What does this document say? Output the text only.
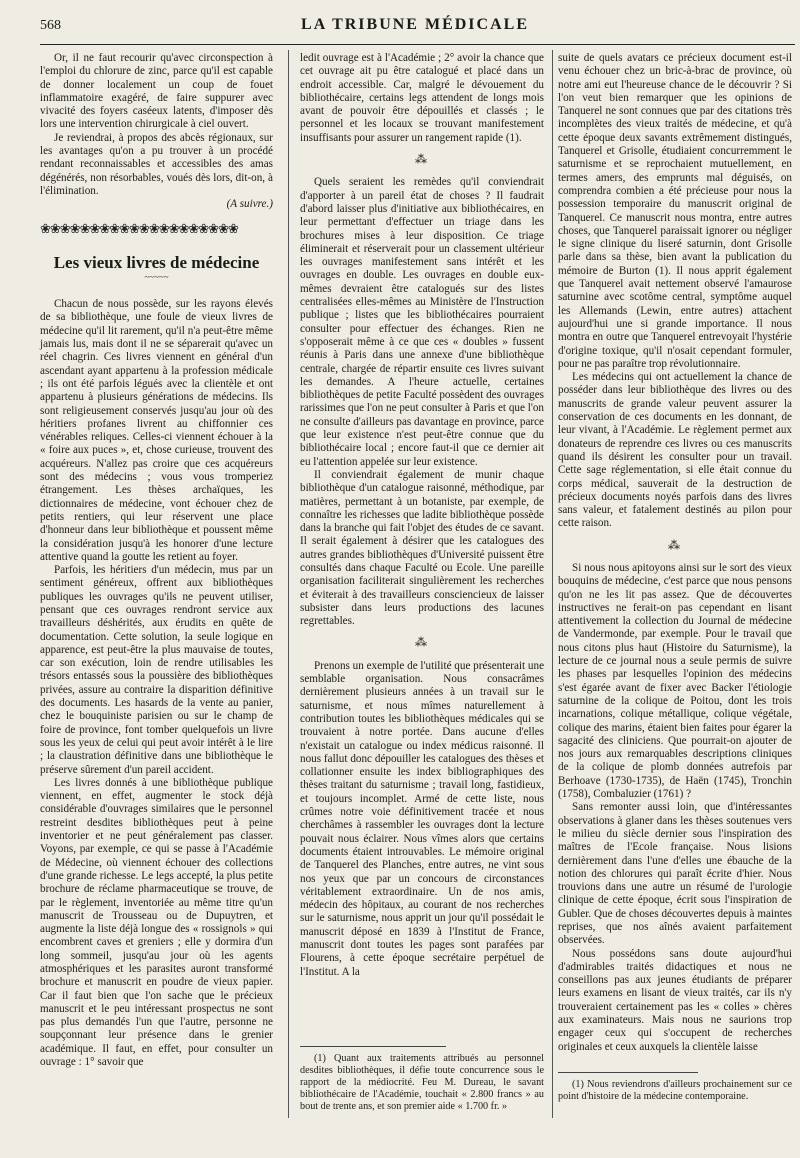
568	LA TRIBUNE MÉDICALE

Or, il ne faut recourir qu'avec circonspection à l'emploi du chlorure de zinc, parce qu'il est capable de donner localement un coup de fouet inflammatoire exagéré, de faire suppurer avec vivacité des foyers caséeux latents, d'imposer dès lors une intervention chirurgicale à ciel ouvert.

Je reviendrai, à propos des abcès régionaux, sur les avantages qu'on a pu trouver à un procédé rendant reconnaissables et accessibles des amas dégénérés, non résorbables, voués dès lors, dit-on, à l'élimination.

(A suivre.)

❀❀❀❀❀❀❀❀❀❀❀❀❀❀❀❀❀❀❀❀

Les vieux livres de médecine

~~~~~

Chacun de nous possède, sur les rayons élevés de sa bibliothèque, une foule de vieux livres de médecine qu'il lit rarement, qu'il n'a peut-être même jamais lus, mais dont il ne se séparerait qu'avec un réel chagrin. Ces livres viennent en général d'un ascendant ayant appartenu à la profession médicale ; ils ont été parfois légués avec la clientèle et ont appartenu à plusieurs générations de médecins. Ils sont religieusement conservés jusqu'au jour où des héritiers profanes livrent au chiffonnier ces vénérables reliques. Celles-ci viennent échouer à la « foire aux puces », et, chose curieuse, trouvent des acquéreurs. N'allez pas croire que ces acquéreurs sont des médecins ; vous vous tromperiez étrangement. Les thèses archaïques, les dictionnaires de médecine, vont échouer chez de petits rentiers, qui leur réservent une place d'honneur dans leur bibliothèque et poussent même la considération jusqu'à les honorer d'une lecture attentive quand la goutte les retient au foyer.

Parfois, les héritiers d'un médecin, mus par un sentiment généreux, offrent aux bibliothèques publiques les ouvrages qu'ils ne peuvent utiliser, pensant que ces ouvrages rendront service aux travailleurs déshérités, aux érudits en quête de documentation. Cette solution, la seule logique en apparence, est peut-être la plus mauvaise de toutes, car son exécution, loin de rendre utilisables les trésors entassés sous la poussière des bibliothèques privées, assure au contraire la disparition définitive des documents. Les hasards de la vente au panier, chez le bouquiniste parisien ou sur le champ de foire de province, font tomber quelquefois un livre sous les yeux de celui qui peut avoir intérêt à le lire ; la claustration définitive dans une bibliothèque le préserve sûrement d'un pareil accident.

Les livres donnés à une bibliothèque publique viennent, en effet, augmenter le stock déjà considérable d'ouvrages similaires que le personnel restreint desdites bibliothèques peut à peine inventorier et ne peut généralement pas classer. Voyons, par exemple, ce qui se passe à l'Académie de Médecine, où viennent échouer des collections d'une grande richesse. Le legs accepté, la plus petite brochure de réclame pharmaceutique se trouve, de par le règlement, inventoriée au même titre qu'un manuscrit de Trousseau ou de Dupuytren, et augmente la liste déjà longue des « rossignols » qui encombrent caves et greniers ; elle y dormira d'un long sommeil, jusqu'au jour où les agents atmosphériques et les parasites auront transformé brochure et manuscrit en poudre de vieux papier. Car il faut bien que l'on sache que le précieux manuscrit et le peu intéressant prospectus ne sont pas plus demandés l'un que l'autre, personne ne soupçonnant leur présence dans le grenier académique. Il faut, en effet, pour consulter un ouvrage : 1° savoir que

ledit ouvrage est à l'Académie ; 2° avoir la chance que cet ouvrage ait pu être catalogué et placé dans un endroit accessible. Car, malgré le dévouement du bibliothécaire, certains legs attendent de longs mois avant de pouvoir être dépouillés et classés ; le personnel et les locaux se trouvant manifestement insuffisants pour assurer un rangement rapide (1).

⁂

Quels seraient les remèdes qu'il conviendrait d'apporter à un pareil état de choses ? Il faudrait d'abord laisser plus d'initiative aux bibliothécaires, en leur permettant d'effectuer un triage dans les brochures mises à leur disposition. Ce triage éliminerait et réserverait pour un classement ultérieur les ouvrages manifestement sans intérêt et les ouvrages en double. Les ouvrages en double eux-mêmes devraient être catalogués sur des listes centralisées elles-mêmes au Ministère de l'Instruction publique ; listes que les bibliothécaires pourraient consulter pour effectuer des échanges. Rien ne s'opposerait même à ce que ces « doubles » fussent réunis à Paris dans une annexe d'une bibliothèque centrale, chargée de répartir ensuite ces livres suivant les demandes. A l'heure actuelle, certaines bibliothèques de petite Faculté possèdent des ouvrages rarissimes que l'on ne peut consulter à Paris et que l'on ne consulte d'ailleurs pas davantage en province, parce que leur existence n'est peut-être connue que du bibliothécaire local ; encore faut-il que ce dernier ait eu l'attention appelée sur leur existence.

Il conviendrait également de munir chaque bibliothèque d'un catalogue raisonné, méthodique, par matières, permettant à un botaniste, par exemple, de connaître les richesses que ladite bibliothèque possède dans la branche qui fait l'objet des études de ce savant. Il serait également à désirer que les catalogues des autres grandes bibliothèques d'Université puissent être consultés dans chaque Faculté ou Ecole. Une pareille organisation faciliterait singulièrement les recherches et éviterait à des travailleurs consciencieux de laisser subsister dans leurs productions des lacunes regrettables.

⁂

Prenons un exemple de l'utilité que présenterait une semblable organisation. Nous consacrâmes dernièrement plusieurs années à un travail sur le saturnisme, et nous mîmes naturellement à contribution toutes les bibliothèques médicales qui se trouvaient à notre portée. Dans aucune d'elles n'existait un catalogue ou index médicus raisonné. Il nous fallut donc dépouiller les catalogues des thèses et collationner ensuite les index bibliographiques des thèses traitant du saturnisme ; travail long, fastidieux, et toujours incomplet. Armé de cette liste, nous crûmes notre voie définitivement tracée et nous cherchâmes à rassembler les ouvrages dont la lecture pouvait nous éclairer. Nous vîmes alors que certains documents étaient introuvables. Le mémoire original de Tanquerel des Planches, entre autres, ne vint sous nos yeux que par un concours de circonstances véritablement extraordinaire. Un de nos amis, médecin des hôpitaux, au courant de nos recherches sur le saturnisme, nous apprit un jour qu'il possédait le manuscrit déposé en 1839 à l'Institut de France, manuscrit dont toutes les pages sont parafées par Flourens, à cette époque secrétaire perpétuel de l'Institut. A la

(1) Quant aux traitements attribués au personnel desdites bibliothèques, il défie toute concurrence sous le rapport de la médiocrité. Feu M. Dureau, le savant bibliothécaire de l'Académie, touchait « 2.800 francs » au bout de trente ans, et son premier aide « 1.700 fr. »

suite de quels avatars ce précieux document est-il venu échouer chez un bric-à-brac de province, où notre ami eut l'heureuse chance de le découvrir ? Si l'on veut bien remarquer que les opinions de Tanquerel ne sont connues que par des citations très incomplètes des vieux traités de médecine, et qu'à cette époque deux savants extrêmement distingués, Tanquerel et Grisolle, étudiaient concurremment le saturnisme et se reprochaient mutuellement, en termes amers, des emprunts mal déguisés, on comprendra combien a été précieuse pour nous la possession temporaire du manuscrit original de Tanquerel. Ce manuscrit nous montra, entre autres choses, que Tanquerel paraissait ignorer ou négliger le signe clinique du liseré saturnin, dont Grisolle parle dans sa thèse, bien avant la publication du mémoire de Burton (1). Il nous apprit également que Tanquerel avait nettement observé l'amaurose saturnine avec scotôme central, symptôme auquel les Allemands (Lewin, entre autres) attachent aujourd'hui une si grande importance. Il nous montra en outre que Tanquerel entrevoyait l'hystérie d'origine toxique, qu'il n'osait cependant formuler, pour ne pas paraître trop révolutionnaire.

Les médecins qui ont actuellement la chance de posséder dans leur bibliothèque des livres ou des manuscrits de grande valeur peuvent assurer la conservation de ces documents en les donnant, de leur vivant, à l'Académie. Le règlement permet aux donateurs de reprendre ces livres ou ces manuscrits quand ils désirent les consulter pour un travail. Cette sage réglementation, si elle était connue du corps médical, sauverait de la destruction de précieux documents noyés parfois dans des livres sans valeur, et fatalement destinés au pilon pour cette raison.

⁂

Si nous nous apitoyons ainsi sur le sort des vieux bouquins de médecine, c'est parce que nous pensons qu'on ne les lit pas assez. Que de découvertes instructives ne ferait-on pas cependant en lisant attentivement la collection du Journal de médecine de Vandermonde, par exemple. Pour le travail que nous citons plus haut (Histoire du Saturnisme), la lecture de ce journal nous a seule permis de suivre les phases par lesquelles l'opinion des médecins s'est égarée avant de fixer avec Backer l'étiologie saturnine de la colique de Poitou, dont les trois incarnations, colique métallique, colique végétale, colique des marins, étaient bien faites pour égarer la sagacité des cliniciens. Que pourrait-on ajouter de nos jours aux remarquables descriptions cliniques de la colique de plomb données autrefois par Berhoave (1730-1735), de Haën (1745), Tronchin (1758), Combaluzier (1761) ?

Sans remonter aussi loin, que d'intéressantes observations à glaner dans les thèses soutenues vers le milieu du siècle dernier sous l'inspiration des maîtres de l'Ecole française. Nous lisions dernièrement dans l'une d'elles une ébauche de la notion des chlorures qui paraît écrite d'hier. Nous trouvions dans une autre un résumé de l'urologie clinique de cette époque, écrit sous l'inspiration de Gubler. Que de choses découvertes depuis à maintes reprises, que nos aînés avaient parfaitement observées.

Nous possédons sans doute aujourd'hui d'admirables traités didactiques et nous ne conseillons pas aux jeunes étudiants de préparer leurs examens en lisant de vieux traités, car ils n'y trouveraient certainement pas les « colles » chères aux examinateurs. Mais nous ne saurions trop engager ceux qui s'occupent de recherches originales et ceux auxquels la clientèle laisse

(1) Nous reviendrons d'ailleurs prochainement sur ce point d'histoire de la médecine contemporaine.
